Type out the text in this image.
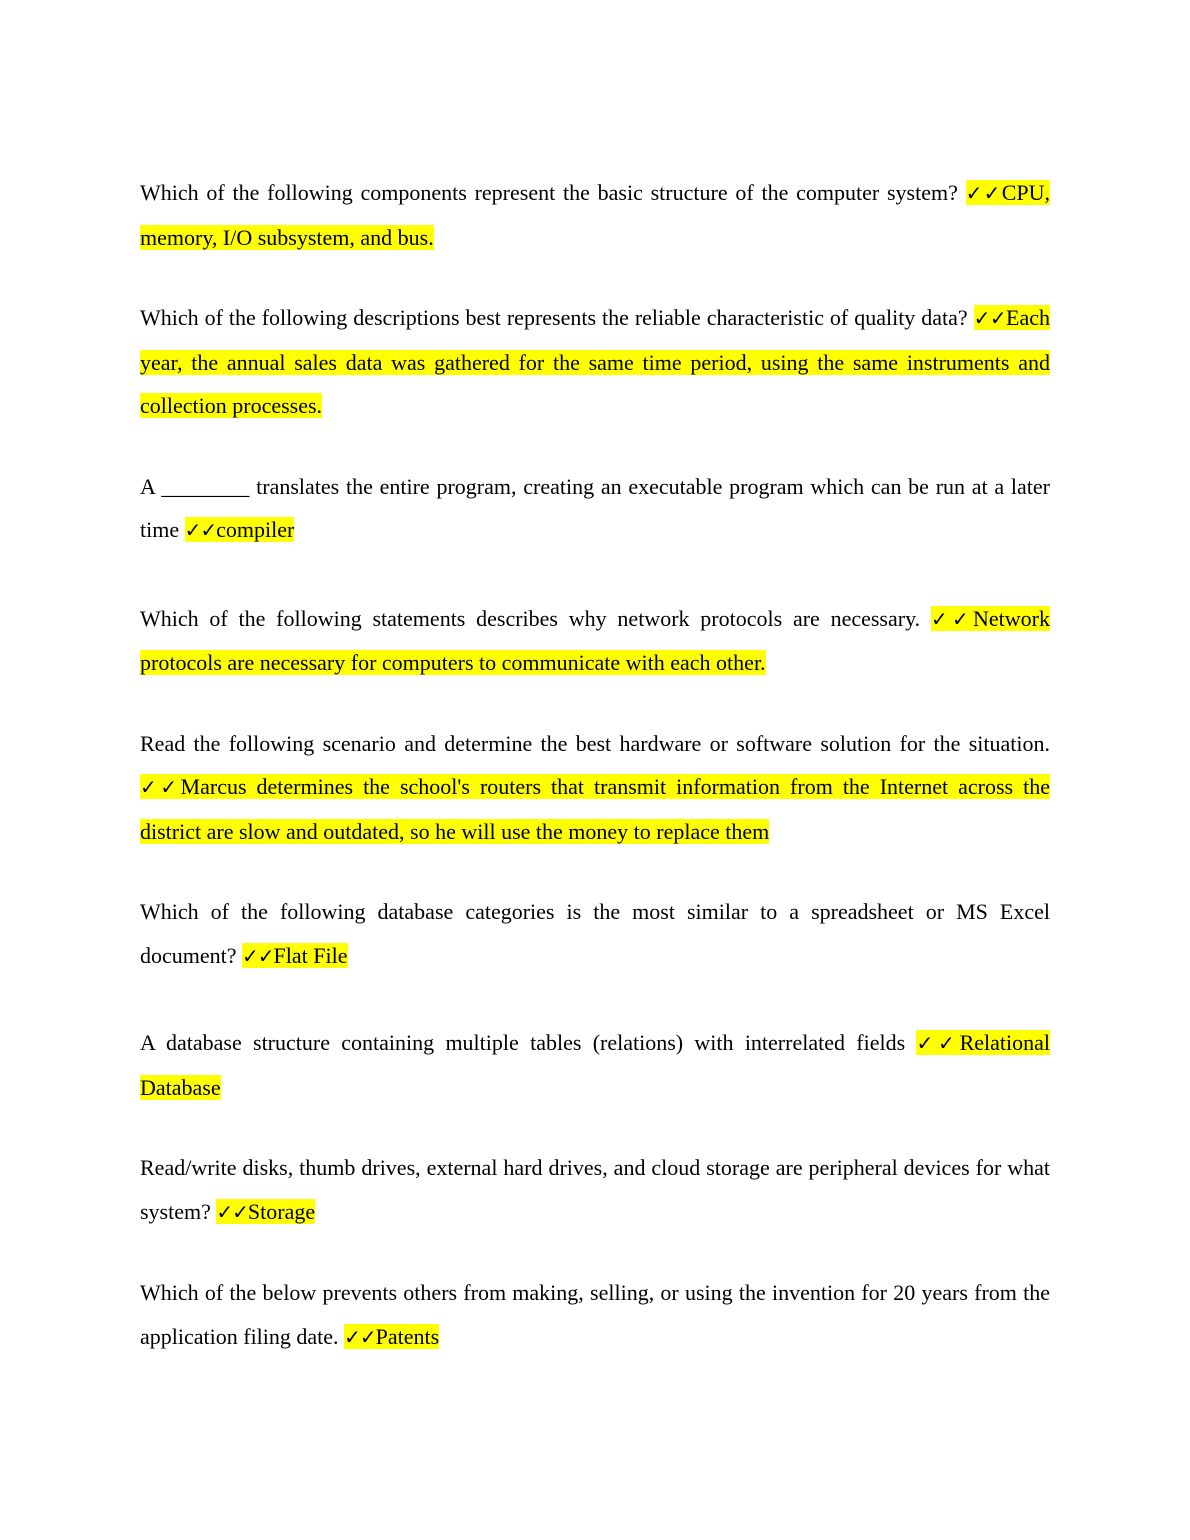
Which of the following components represent the basic structure of the computer system? ✓✓CPU, memory, I/O subsystem, and bus.

Which of the following descriptions best represents the reliable characteristic of quality data? ✓✓Each year, the annual sales data was gathered for the same time period, using the same instruments and collection processes.

A ________ translates the entire program, creating an executable program which can be run at a later time ✓✓compiler

Which of the following statements describes why network protocols are necessary. ✓✓Network protocols are necessary for computers to communicate with each other.

Read the following scenario and determine the best hardware or software solution for the situation. ✓✓Marcus determines the school's routers that transmit information from the Internet across the district are slow and outdated, so he will use the money to replace them

Which of the following database categories is the most similar to a spreadsheet or MS Excel document? ✓✓Flat File

A database structure containing multiple tables (relations) with interrelated fields ✓✓Relational Database

Read/write disks, thumb drives, external hard drives, and cloud storage are peripheral devices for what system? ✓✓Storage

Which of the below prevents others from making, selling, or using the invention for 20 years from the application filing date. ✓✓Patents
